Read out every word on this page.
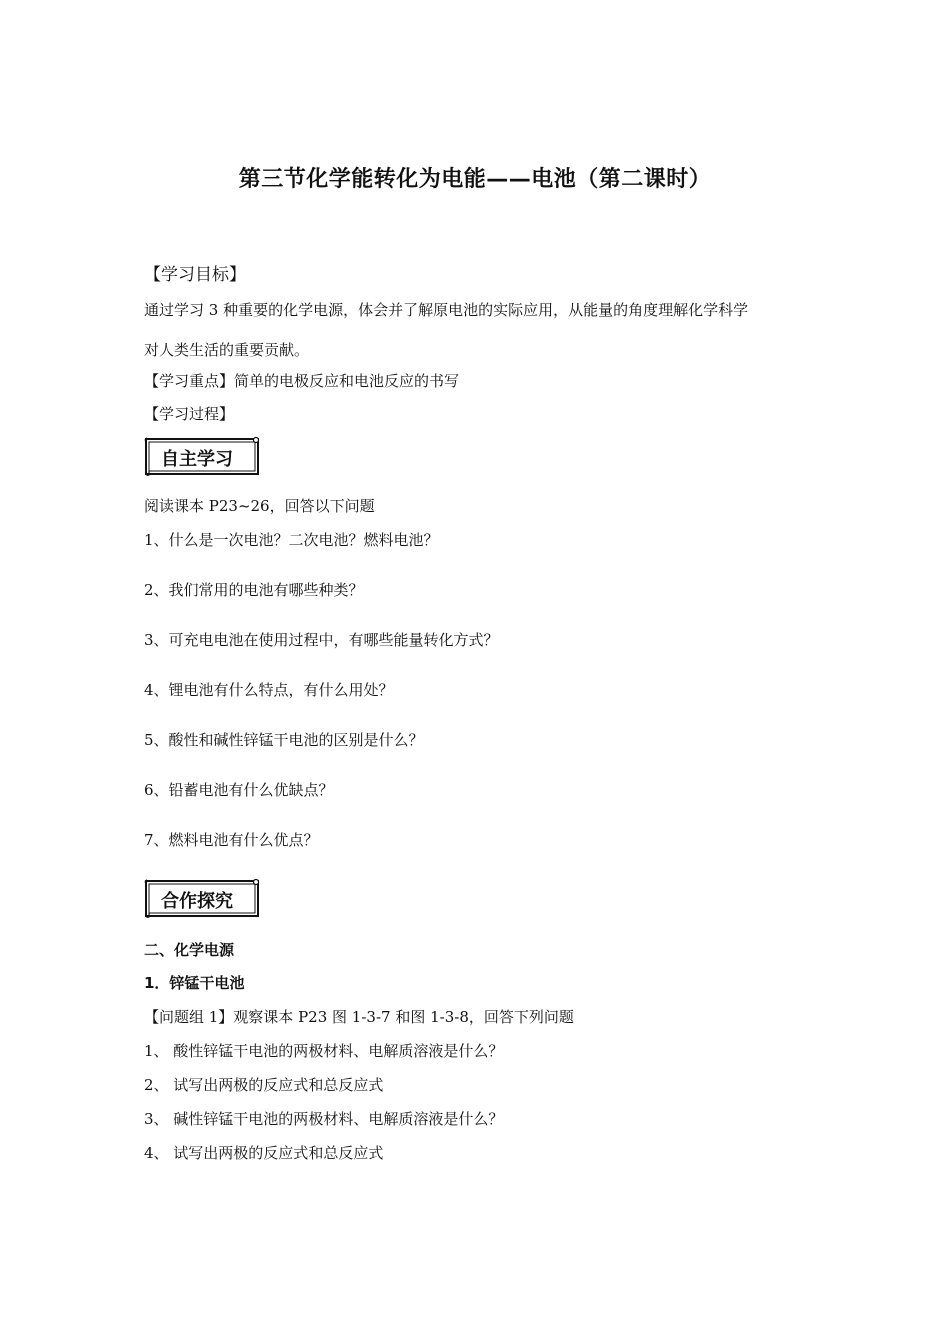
第三节化学能转化为电能——电池（第二课时）
【学习目标】
通过学习 3 种重要的化学电源，体会并了解原电池的实际应用，从能量的角度理解化学科学
对人类生活的重要贡献。
【学习重点】简单的电极反应和电池反应的书写
【学习过程】
自主学习
阅读课本 P23~26，回答以下问题
1、什么是一次电池？二次电池？燃料电池？
2、我们常用的电池有哪些种类？
3、可充电电池在使用过程中，有哪些能量转化方式？
4、锂电池有什么特点，有什么用处？
5、酸性和碱性锌锰干电池的区别是什么？
6、铅蓄电池有什么优缺点？
7、燃料电池有什么优点？
合作探究
二、化学电源
1．锌锰干电池
【问题组 1】观察课本 P23 图 1-3-7 和图 1-3-8，回答下列问题
1、 酸性锌锰干电池的两极材料、电解质溶液是什么？
2、 试写出两极的反应式和总反应式
3、 碱性锌锰干电池的两极材料、电解质溶液是什么？
4、 试写出两极的反应式和总反应式
